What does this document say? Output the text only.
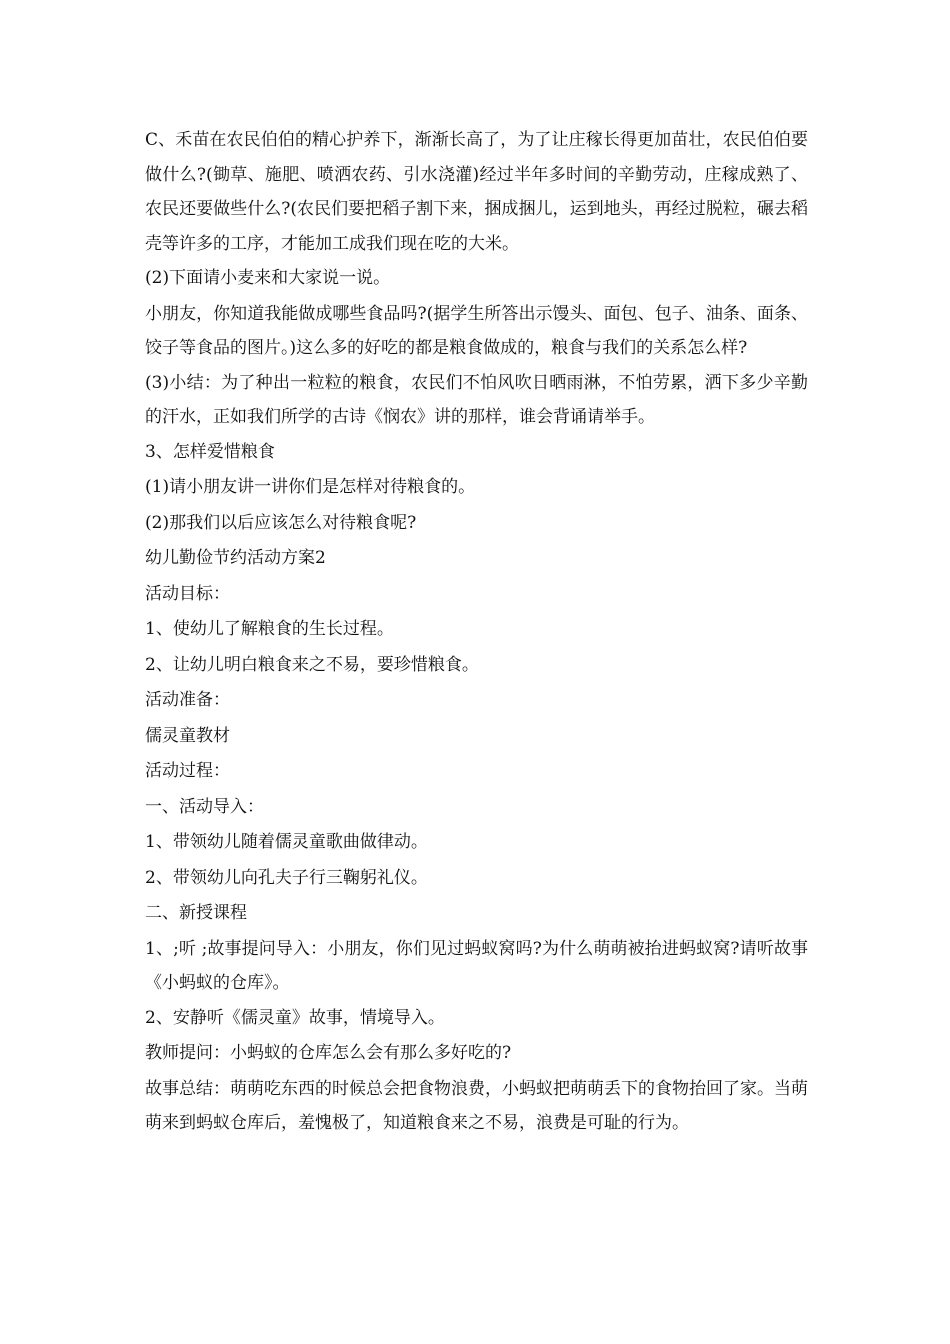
C、禾苗在农民伯伯的精心护养下，渐渐长高了，为了让庄稼长得更加苗壮，农民伯伯要做什么?(锄草、施肥、喷洒农药、引水浇灌)经过半年多时间的辛勤劳动，庄稼成熟了、农民还要做些什么?(农民们要把稻子割下来，捆成捆儿，运到地头，再经过脱粒，碾去稻壳等许多的工序，才能加工成我们现在吃的大米。

(2)下面请小麦来和大家说一说。

小朋友，你知道我能做成哪些食品吗?(据学生所答出示馒头、面包、包子、油条、面条、饺子等食品的图片。)这么多的好吃的都是粮食做成的，粮食与我们的关系怎么样?

(3)小结：为了种出一粒粒的粮食，农民们不怕风吹日晒雨淋，不怕劳累，洒下多少辛勤的汗水，正如我们所学的古诗《悯农》讲的那样，谁会背诵请举手。

3、怎样爱惜粮食

(1)请小朋友讲一讲你们是怎样对待粮食的。

(2)那我们以后应该怎么对待粮食呢?

幼儿勤俭节约活动方案2

活动目标：

1、使幼儿了解粮食的生长过程。

2、让幼儿明白粮食来之不易，要珍惜粮食。

活动准备：

儒灵童教材

活动过程：

一、活动导入：

1、带领幼儿随着儒灵童歌曲做律动。

2、带领幼儿向孔夫子行三鞠躬礼仪。

二、新授课程

1、;听 ;故事提问导入：小朋友，你们见过蚂蚁窝吗?为什么萌萌被抬进蚂蚁窝?请听故事《小蚂蚁的仓库》。

2、安静听《儒灵童》故事，情境导入。

教师提问：小蚂蚁的仓库怎么会有那么多好吃的?

故事总结：萌萌吃东西的时候总会把食物浪费，小蚂蚁把萌萌丢下的食物抬回了家。当萌萌来到蚂蚁仓库后，羞愧极了，知道粮食来之不易，浪费是可耻的行为。
